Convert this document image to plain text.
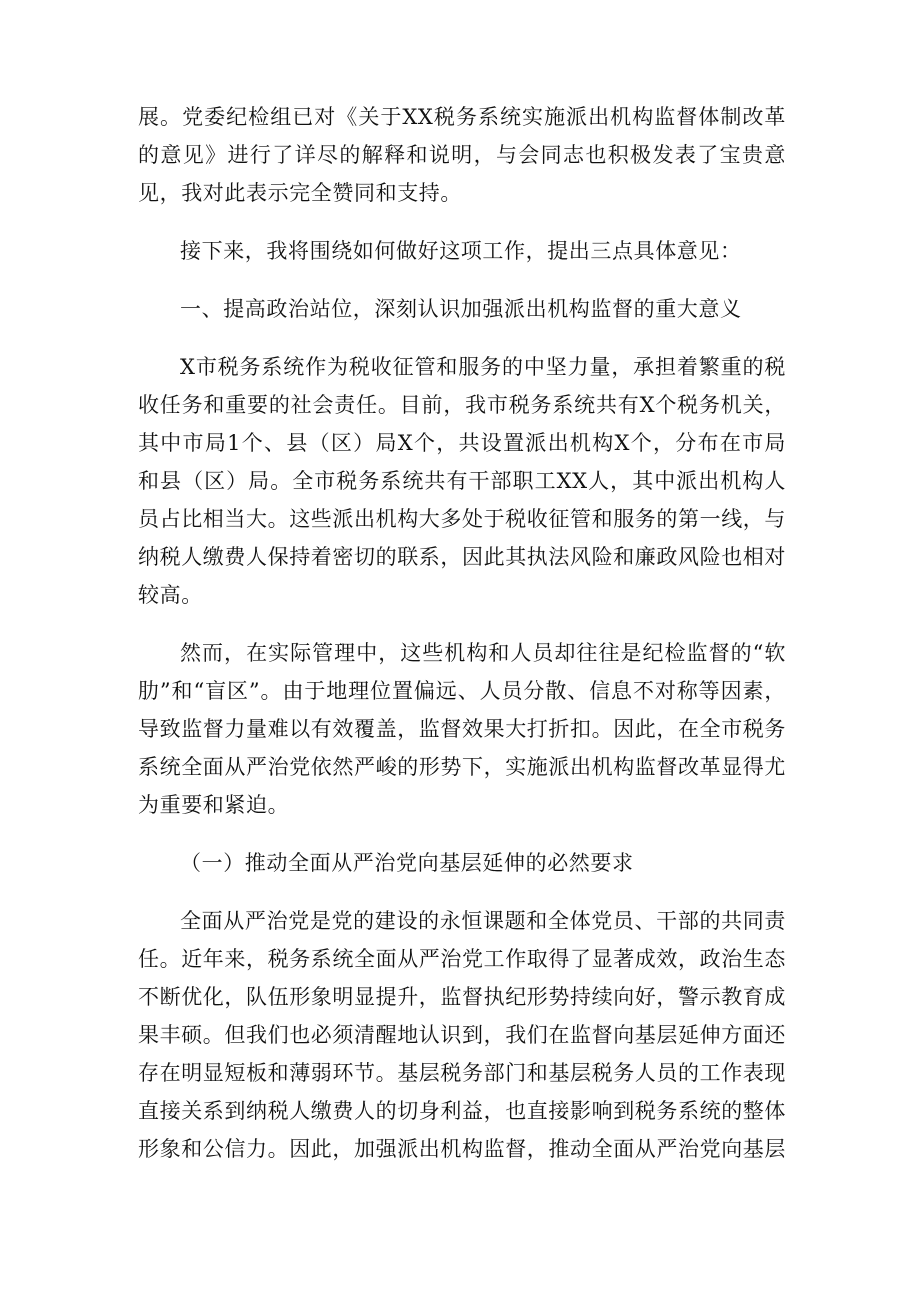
展。党委纪检组已对《关于XX税务系统实施派出机构监督体制改革的意见》进行了详尽的解释和说明，与会同志也积极发表了宝贵意见，我对此表示完全赞同和支持。

接下来，我将围绕如何做好这项工作，提出三点具体意见：

一、提高政治站位，深刻认识加强派出机构监督的重大意义

X市税务系统作为税收征管和服务的中坚力量，承担着繁重的税收任务和重要的社会责任。目前，我市税务系统共有X个税务机关，其中市局1个、县（区）局X个，共设置派出机构X个，分布在市局和县（区）局。全市税务系统共有干部职工XX人，其中派出机构人员占比相当大。这些派出机构大多处于税收征管和服务的第一线，与纳税人缴费人保持着密切的联系，因此其执法风险和廉政风险也相对较高。

然而，在实际管理中，这些机构和人员却往往是纪检监督的“软肋”和“盲区”。由于地理位置偏远、人员分散、信息不对称等因素，导致监督力量难以有效覆盖，监督效果大打折扣。因此，在全市税务系统全面从严治党依然严峻的形势下，实施派出机构监督改革显得尤为重要和紧迫。

（一）推动全面从严治党向基层延伸的必然要求

全面从严治党是党的建设的永恒课题和全体党员、干部的共同责任。近年来，税务系统全面从严治党工作取得了显著成效，政治生态不断优化，队伍形象明显提升，监督执纪形势持续向好，警示教育成果丰硕。但我们也必须清醒地认识到，我们在监督向基层延伸方面还存在明显短板和薄弱环节。基层税务部门和基层税务人员的工作表现直接关系到纳税人缴费人的切身利益，也直接影响到税务系统的整体形象和公信力。因此，加强派出机构监督，推动全面从严治党向基层
